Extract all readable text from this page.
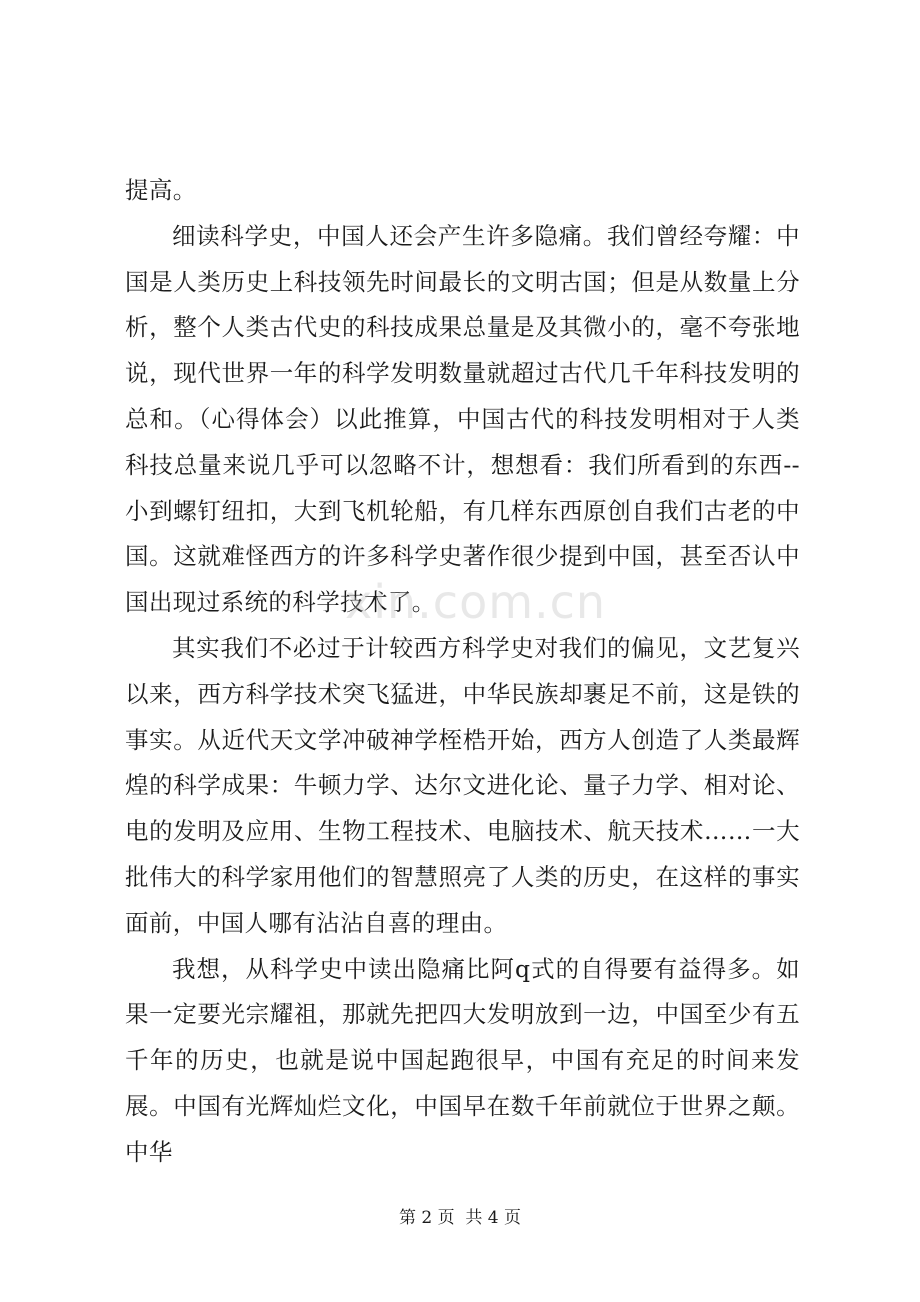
提高。

细读科学史，中国人还会产生许多隐痛。我们曾经夸耀：中国是人类历史上科技领先时间最长的文明古国；但是从数量上分析，整个人类古代史的科技成果总量是及其微小的，毫不夸张地说，现代世界一年的科学发明数量就超过古代几千年科技发明的总和。（心得体会）以此推算，中国古代的科技发明相对于人类科技总量来说几乎可以忽略不计，想想看：我们所看到的东西--小到螺钉纽扣，大到飞机轮船，有几样东西原创自我们古老的中国。这就难怪西方的许多科学史著作很少提到中国，甚至否认中国出现过系统的科学技术了。

其实我们不必过于计较西方科学史对我们的偏见，文艺复兴以来，西方科学技术突飞猛进，中华民族却裹足不前，这是铁的事实。从近代天文学冲破神学桎梏开始，西方人创造了人类最辉煌的科学成果：牛顿力学、达尔文进化论、量子力学、相对论、电的发明及应用、生物工程技术、电脑技术、航天技术……一大批伟大的科学家用他们的智慧照亮了人类的历史，在这样的事实面前，中国人哪有沾沾自喜的理由。

我想，从科学史中读出隐痛比阿q式的自得要有益得多。如果一定要光宗耀祖，那就先把四大发明放到一边，中国至少有五千年的历史，也就是说中国起跑很早，中国有充足的时间来发展。中国有光辉灿烂文化，中国早在数千年前就位于世界之颠。中华

xin.com.cn
第 2 页  共 4 页
